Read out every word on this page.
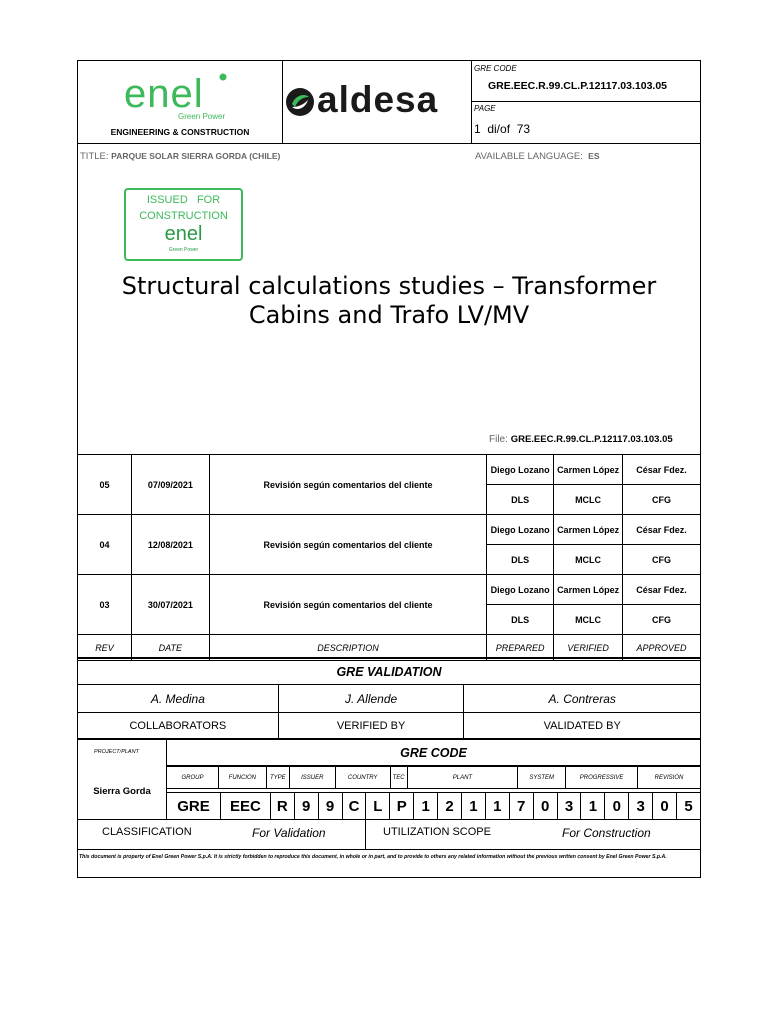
enel
Green Power
ENGINEERING & CONSTRUCTION
aldesa
GRE CODE
GRE.EEC.R.99.CL.P.12117.03.103.05
PAGE
1  di/of  73
TITLE: PARQUE SOLAR SIERRA GORDA (CHILE)	AVAILABLE LANGUAGE: ES
ISSUED   FOR
CONSTRUCTION
enel
Green Power
Structural calculations studies – Transformer
Cabins and Trafo LV/MV
File: GRE.EEC.R.99.CL.P.12117.03.103.05
05	07/09/2021	Revisión según comentarios del cliente	Diego Lozano	Carmen López	César Fdez.
			DLS	MCLC	CFG
04	12/08/2021	Revisión según comentarios del cliente	Diego Lozano	Carmen López	César Fdez.
			DLS	MCLC	CFG
03	30/07/2021	Revisión según comentarios del cliente	Diego Lozano	Carmen López	César Fdez.
			DLS	MCLC	CFG
REV	DATE	DESCRIPTION	PREPARED	VERIFIED	APPROVED
GRE VALIDATION
A. Medina	J. Allende	A. Contreras
COLLABORATORS	VERIFIED BY	VALIDATED BY
PROJECT/PLANT
Sierra Gorda
GRE CODE
GROUP	FUNCION	TYPE	ISSUER	COUNTRY	TEC	PLANT	SYSTEM	PROGRESSIVE	REVISION
GRE	EEC	R	9	9	C	L	P	1	2	1	1	7	0	3	1	0	3	0	5
CLASSIFICATION	For Validation	UTILIZATION SCOPE	For Construction
This document is property of Enel Green Power S.p.A. It is strictly forbidden to reproduce this document, in whole or in part, and to provide to others any related information without the previous written consent by Enel Green Power S.p.A.
